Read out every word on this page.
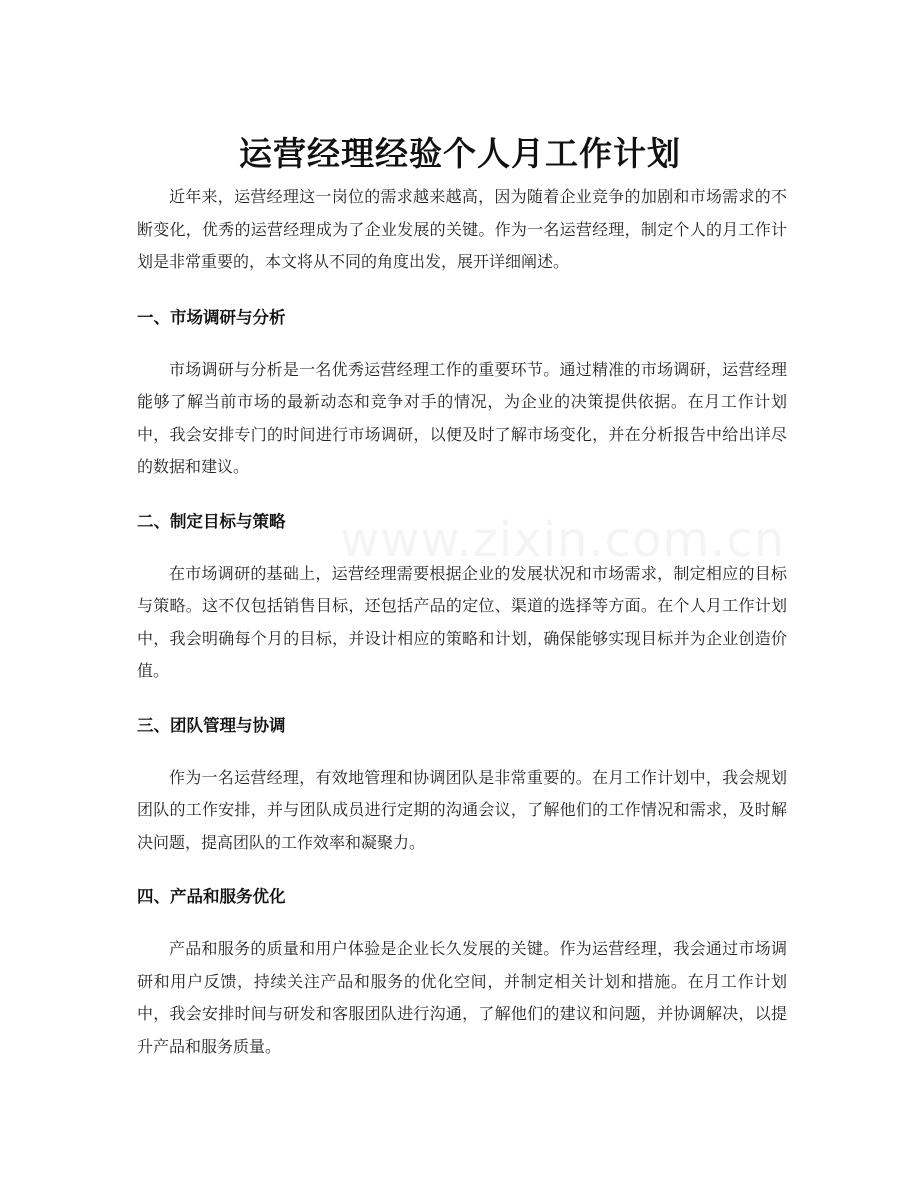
运营经理经验个人月工作计划

近年来，运营经理这一岗位的需求越来越高，因为随着企业竞争的加剧和市场需求的不断变化，优秀的运营经理成为了企业发展的关键。作为一名运营经理，制定个人的月工作计划是非常重要的，本文将从不同的角度出发，展开详细阐述。

一、市场调研与分析

市场调研与分析是一名优秀运营经理工作的重要环节。通过精准的市场调研，运营经理能够了解当前市场的最新动态和竞争对手的情况，为企业的决策提供依据。在月工作计划中，我会安排专门的时间进行市场调研，以便及时了解市场变化，并在分析报告中给出详尽的数据和建议。

二、制定目标与策略

在市场调研的基础上，运营经理需要根据企业的发展状况和市场需求，制定相应的目标与策略。这不仅包括销售目标，还包括产品的定位、渠道的选择等方面。在个人月工作计划中，我会明确每个月的目标，并设计相应的策略和计划，确保能够实现目标并为企业创造价值。

三、团队管理与协调

作为一名运营经理，有效地管理和协调团队是非常重要的。在月工作计划中，我会规划团队的工作安排，并与团队成员进行定期的沟通会议，了解他们的工作情况和需求，及时解决问题，提高团队的工作效率和凝聚力。

四、产品和服务优化

产品和服务的质量和用户体验是企业长久发展的关键。作为运营经理，我会通过市场调研和用户反馈，持续关注产品和服务的优化空间，并制定相关计划和措施。在月工作计划中，我会安排时间与研发和客服团队进行沟通，了解他们的建议和问题，并协调解决，以提升产品和服务质量。
